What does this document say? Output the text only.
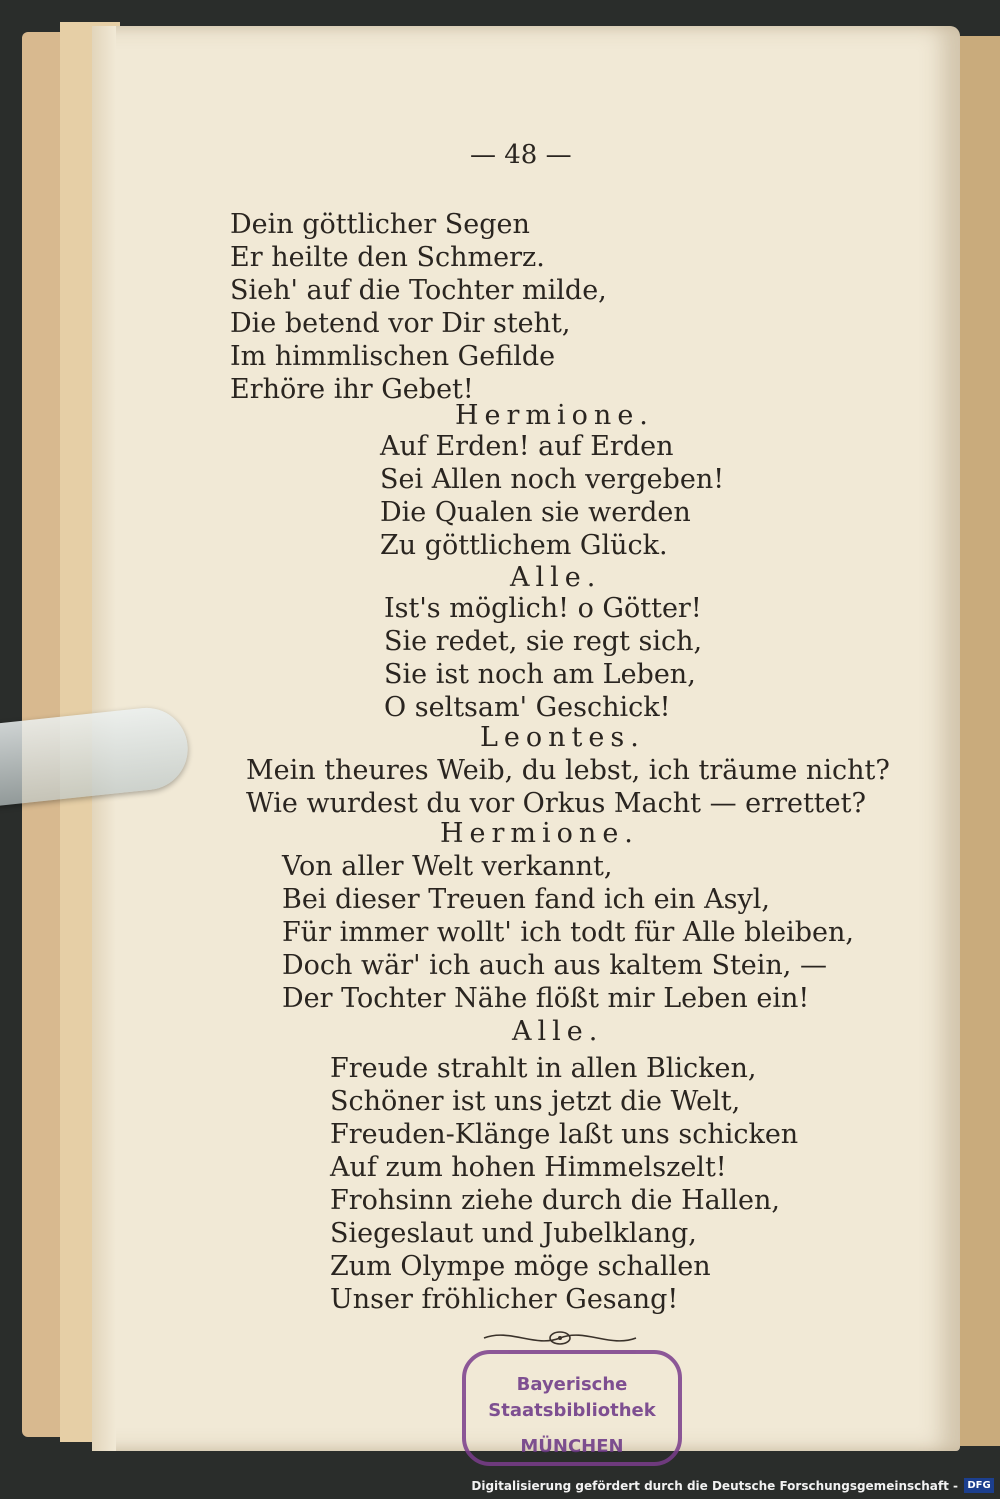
— 48 —
Dein göttlicher Segen
Er heilte den Schmerz.
Sieh' auf die Tochter milde,
Die betend vor Dir steht,
Im himmlischen Gefilde
Erhöre ihr Gebet!
Hermione.
Auf Erden! auf Erden
Sei Allen noch vergeben!
Die Qualen sie werden
Zu göttlichem Glück.
Alle.
Ist's möglich! o Götter!
Sie redet, sie regt sich,
Sie ist noch am Leben,
O seltsam' Geschick!
Leontes.
Mein theures Weib, du lebst, ich träume nicht?
Wie wurdest du vor Orkus Macht — errettet?
Hermione.
Von aller Welt verkannt,
Bei dieser Treuen fand ich ein Asyl,
Für immer wollt' ich todt für Alle bleiben,
Doch wär' ich auch aus kaltem Stein, —
Der Tochter Nähe flößt mir Leben ein!
Alle.
Freude strahlt in allen Blicken,
Schöner ist uns jetzt die Welt,
Freuden-Klänge laßt uns schicken
Auf zum hohen Himmelszelt!
Frohsinn ziehe durch die Hallen,
Siegeslaut und Jubelklang,
Zum Olympe möge schallen
Unser fröhlicher Gesang!
Bayerische
Staatsbibliothek
MÜNCHEN
Digitalisierung gefördert durch die Deutsche Forschungsgemeinschaft - DFG
